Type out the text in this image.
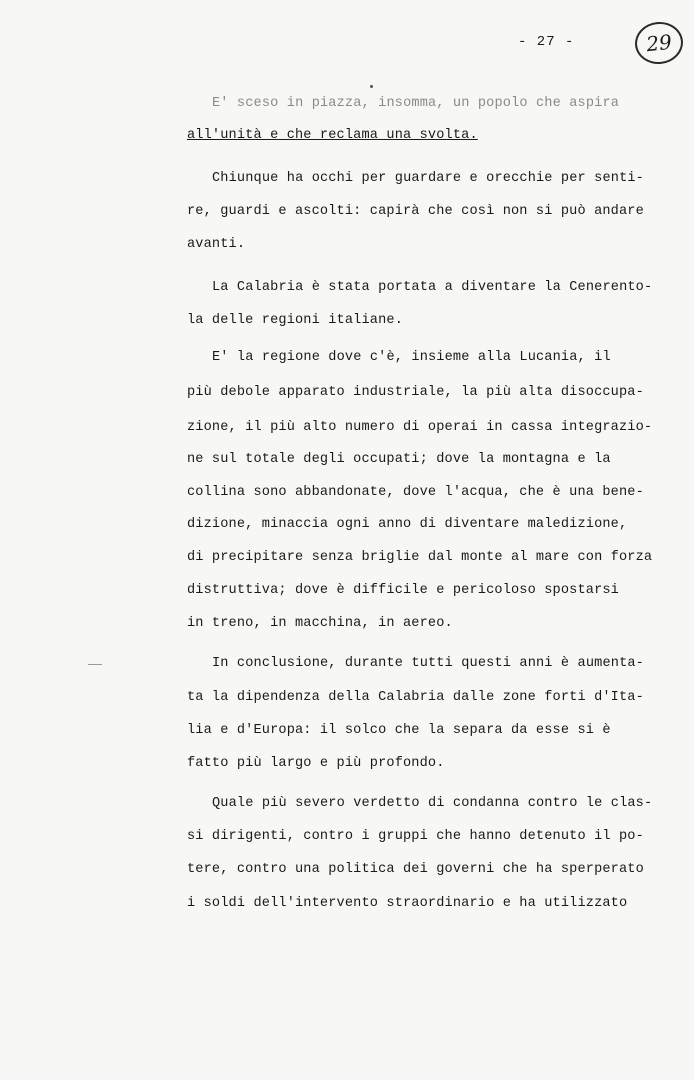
- 27 -	29
E' sceso in piazza, insomma, un popolo che aspira
all'unità e che reclama una svolta.
Chiunque ha occhi per guardare e orecchie per senti-
re, guardi e ascolti: capirà che così non si può andare
avanti.
La Calabria è stata portata a diventare la Cenerento-
la delle regioni italiane.
E' la regione dove c'è, insieme alla Lucania, il
più debole apparato industriale, la più alta disoccupa-
zione, il più alto numero di operai in cassa integrazio-
ne sul totale degli occupati; dove la montagna e la
collina sono abbandonate, dove l'acqua, che è una bene-
dizione, minaccia ogni anno di diventare maledizione,
di precipitare senza briglie dal monte al mare con forza
distruttiva; dove è difficile e pericoloso spostarsi
in treno, in macchina, in aereo.
In conclusione, durante tutti questi anni è aumenta-
ta la dipendenza della Calabria dalle zone forti d'Ita-
lia e d'Europa: il solco che la separa da esse si è
fatto più largo e più profondo.
Quale più severo verdetto di condanna contro le clas-
si dirigenti, contro i gruppi che hanno detenuto il po-
tere, contro una politica dei governi che ha sperperato
i soldi dell'intervento straordinario e ha utilizzato
